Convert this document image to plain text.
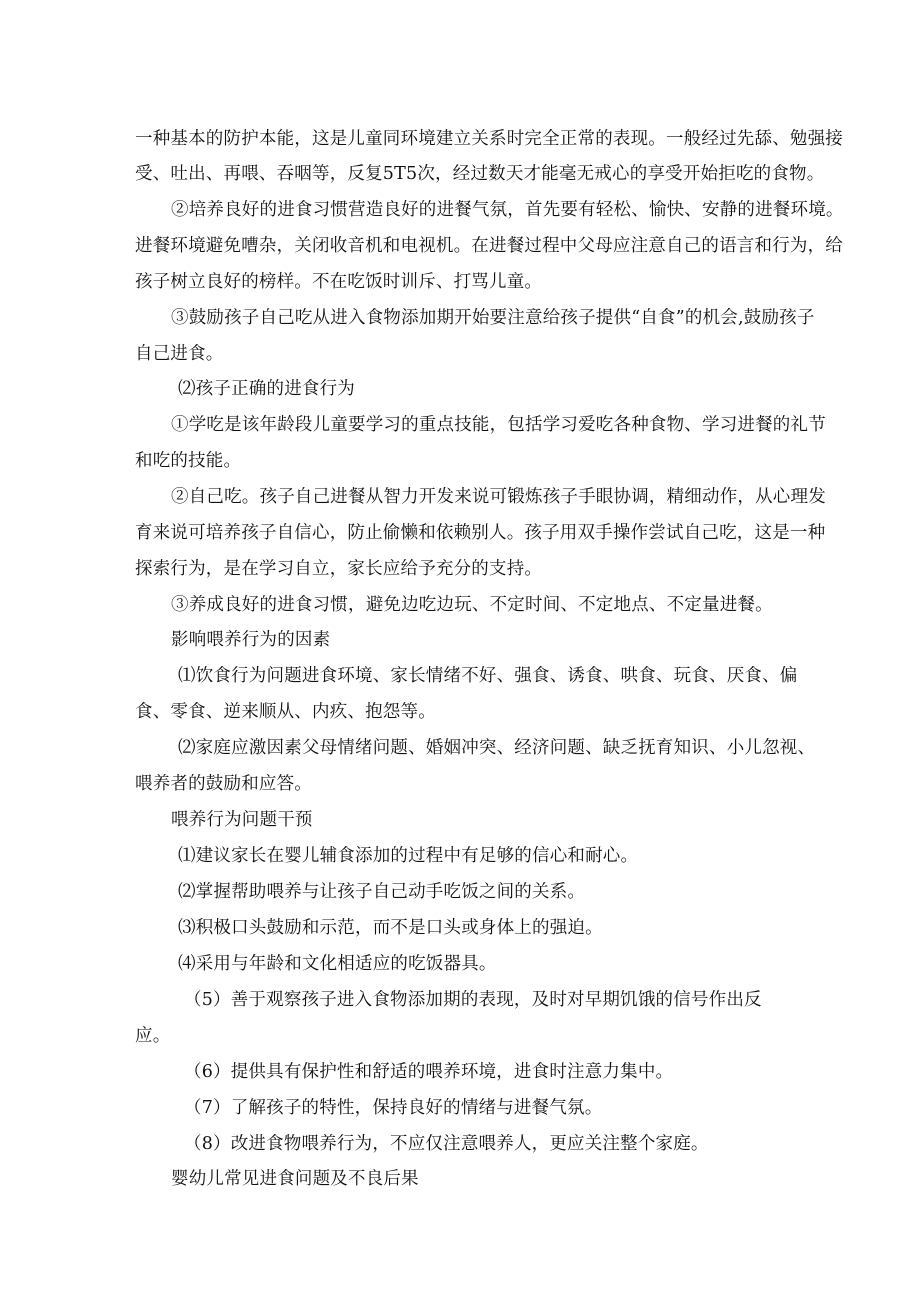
一种基本的防护本能，这是儿童同环境建立关系时完全正常的表现。一般经过先舔、勉强接
受、吐出、再喂、吞咽等，反复5T5次，经过数天才能毫无戒心的享受开始拒吃的食物。
②培养良好的进食习惯营造良好的进餐气氛，首先要有轻松、愉快、安静的进餐环境。
进餐环境避免嘈杂，关闭收音机和电视机。在进餐过程中父母应注意自己的语言和行为，给
孩子树立良好的榜样。不在吃饭时训斥、打骂儿童。
③鼓励孩子自己吃从进入食物添加期开始要注意给孩子提供“自食”的机会,鼓励孩子
自己进食。
⑵孩子正确的进食行为
①学吃是该年龄段儿童要学习的重点技能，包括学习爱吃各种食物、学习进餐的礼节
和吃的技能。
②自己吃。孩子自己进餐从智力开发来说可锻炼孩子手眼协调，精细动作，从心理发
育来说可培养孩子自信心，防止偷懒和依赖别人。孩子用双手操作尝试自己吃，这是一种
探索行为，是在学习自立，家长应给予充分的支持。
③养成良好的进食习惯，避免边吃边玩、不定时间、不定地点、不定量进餐。
影响喂养行为的因素
⑴饮食行为问题进食环境、家长情绪不好、强食、诱食、哄食、玩食、厌食、偏
食、零食、逆来顺从、内疚、抱怨等。
⑵家庭应激因素父母情绪问题、婚姻冲突、经济问题、缺乏抚育知识、小儿忽视、
喂养者的鼓励和应答。
喂养行为问题干预
⑴建议家长在婴儿辅食添加的过程中有足够的信心和耐心。
⑵掌握帮助喂养与让孩子自己动手吃饭之间的关系。
⑶积极口头鼓励和示范，而不是口头或身体上的强迫。
⑷采用与年龄和文化相适应的吃饭器具。
（5）善于观察孩子进入食物添加期的表现，及时对早期饥饿的信号作出反
应。
（6）提供具有保护性和舒适的喂养环境，进食时注意力集中。
（7）了解孩子的特性，保持良好的情绪与进餐气氛。
（8）改进食物喂养行为，不应仅注意喂养人，更应关注整个家庭。
婴幼儿常见进食问题及不良后果
